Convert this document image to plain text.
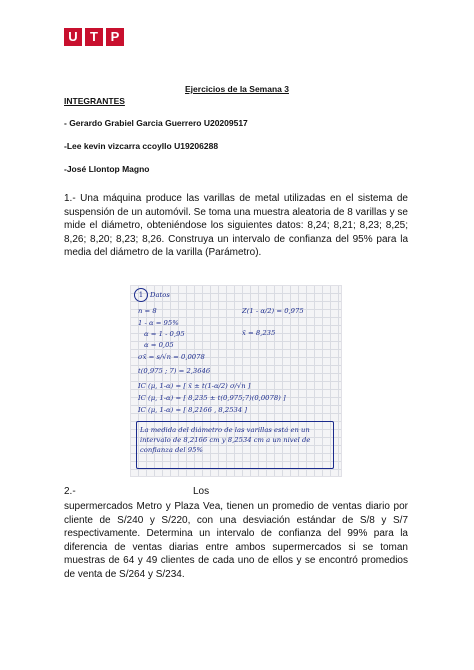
U T P
Ejercicios de la Semana 3
INTEGRANTES
- Gerardo Grabiel Garcia Guerrero U20209517
-Lee kevin vizcarra ccoyllo U19206288
-José Llontop Magno
1.- Una máquina produce las varillas de metal utilizadas en el sistema de suspensión de un automóvil. Se toma una muestra aleatoria de 8 varillas y se mide el diámetro, obteniéndose los siguientes datos: 8,24; 8,21; 8,23; 8,25; 8,26; 8,20; 8,23; 8,26. Construya un intervalo de confianza del 95% para la media del diámetro de la varilla (Parámetro).
1 Datos
n = 8
1 - α = 95%
α = 1 - 0,95
α = 0,05
Z(1 - α/2) = 0,975
x̄ = 8,235
σx̄ = s/√n = 0,0078
t(0,975 ; 7) = 2,3646
IC (μ, 1-α) = [ x̄ ± t(1-α/2) σ/√n ]
IC (μ, 1-α) = [ 8,235 ± t(0,975;7)(0,0078) ]
IC (μ, 1-α) = [ 8,2166 , 8,2534 ]
La medida del diámetro de las varillas está en un intervalo de 8,2166 cm y 8,2534 cm a un nivel de confianza del 95%
2.-	Los
supermercados Metro y Plaza Vea, tienen un promedio de ventas diario por cliente de S/240 y S/220, con una desviación estándar de S/8 y S/7 respectivamente. Determina un intervalo de confianza del 99% para la diferencia de ventas diarias entre ambos supermercados si se toman muestras de 64 y 49 clientes de cada uno de ellos y se encontró promedios de venta de S/264 y S/234.
